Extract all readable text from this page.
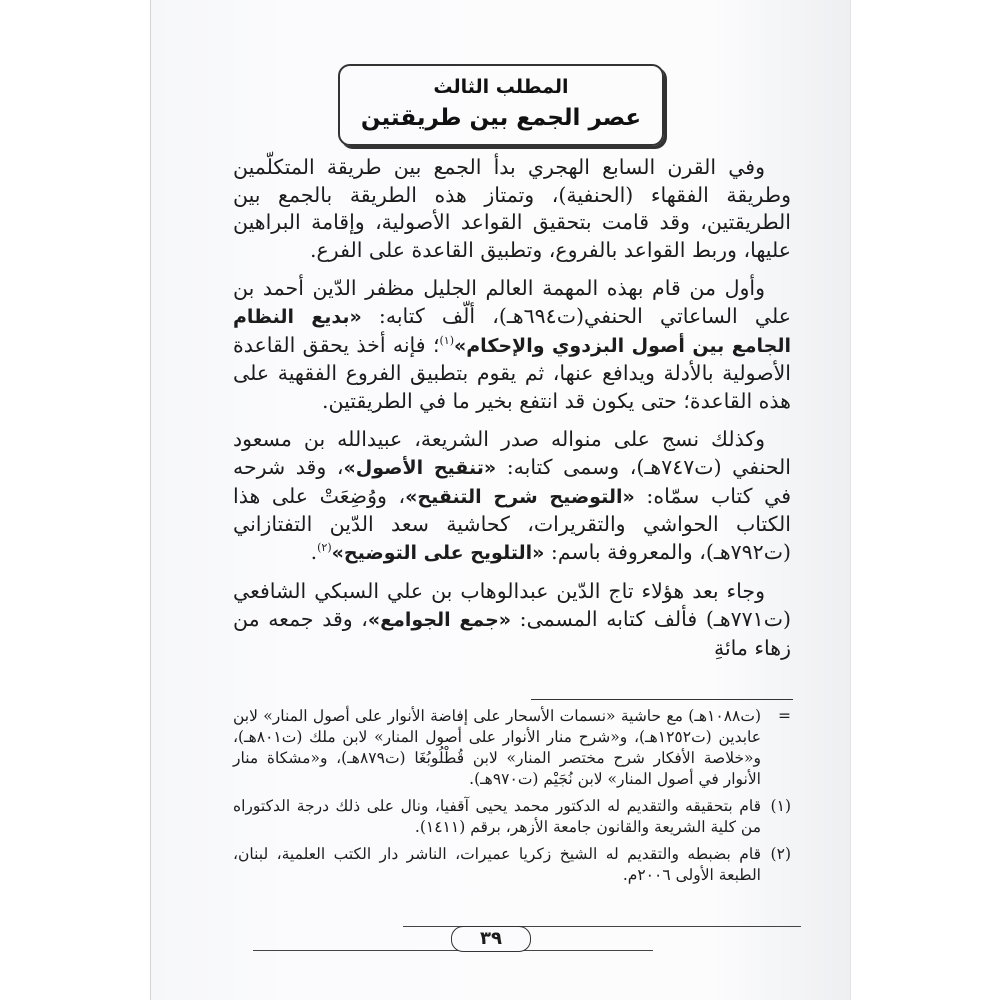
المطلب الثالث
عصر الجمع بين طريقتين

وفي القرن السابع الهجري بدأ الجمع بين طريقة المتكلّمين وطريقة الفقهاء (الحنفية)، وتمتاز هذه الطريقة بالجمع بين الطريقتين، وقد قامت بتحقيق القواعد الأصولية، وإقامة البراهين عليها، وربط القواعد بالفروع، وتطبيق القاعدة على الفرع.

وأول من قام بهذه المهمة العالم الجليل مظفر الدّين أحمد بن علي الساعاتي الحنفي(ت٦٩٤هـ)، ألّف كتابه: «بديع النظام الجامع بين أصول البزدوي والإحكام»$^{(١)}$؛ فإنه أخذ يحقق القاعدة الأصولية بالأدلة ويدافع عنها، ثم يقوم بتطبيق الفروع الفقهية على هذه القاعدة؛ حتى يكون قد انتفع بخير ما في الطريقتين.

وكذلك نسج على منواله صدر الشريعة، عبيدالله بن مسعود الحنفي (ت٧٤٧هـ)، وسمى كتابه: «تنقيح الأصول»، وقد شرحه في كتاب سمّاه: «التوضيح شرح التنقيح»، ووُضِعَتْ على هذا الكتاب الحواشي والتقريرات، كحاشية سعد الدّين التفتازاني (ت٧٩٢هـ)، والمعروفة باسم: «التلويح على التوضيح»$^{(٢)}$.

وجاء بعد هؤلاء تاج الدّين عبدالوهاب بن علي السبكي الشافعي (ت٧٧١هـ) فألف كتابه المسمى: «جمع الجوامع»، وقد جمعه من زهاء مائةِ

=
(ت١٠٨٨هـ) مع حاشية «نسمات الأسحار على إفاضة الأنوار على أصول المنار» لابن عابدين (ت١٢٥٢هـ)، و«شرح منار الأنوار على أصول المنار» لابن ملك (ت٨٠١هـ)، و«خلاصة الأفكار شرح مختصر المنار» لابن قُطْلُوبُغَا (ت٨٧٩هـ)، و«مشكاة منار الأنوار في أصول المنار» لابن نُجَيْم (ت٩٧٠هـ).
(١)
قام بتحقيقه والتقديم له الدكتور محمد يحيى آقفيا، ونال على ذلك درجة الدكتوراه من كلية الشريعة والقانون جامعة الأزهر، برقم (١٤١١).
(٢)
قام بضبطه والتقديم له الشيخ زكريا عميرات، الناشر دار الكتب العلمية، لبنان، الطبعة الأولى ٢٠٠٦م.
٣٩
